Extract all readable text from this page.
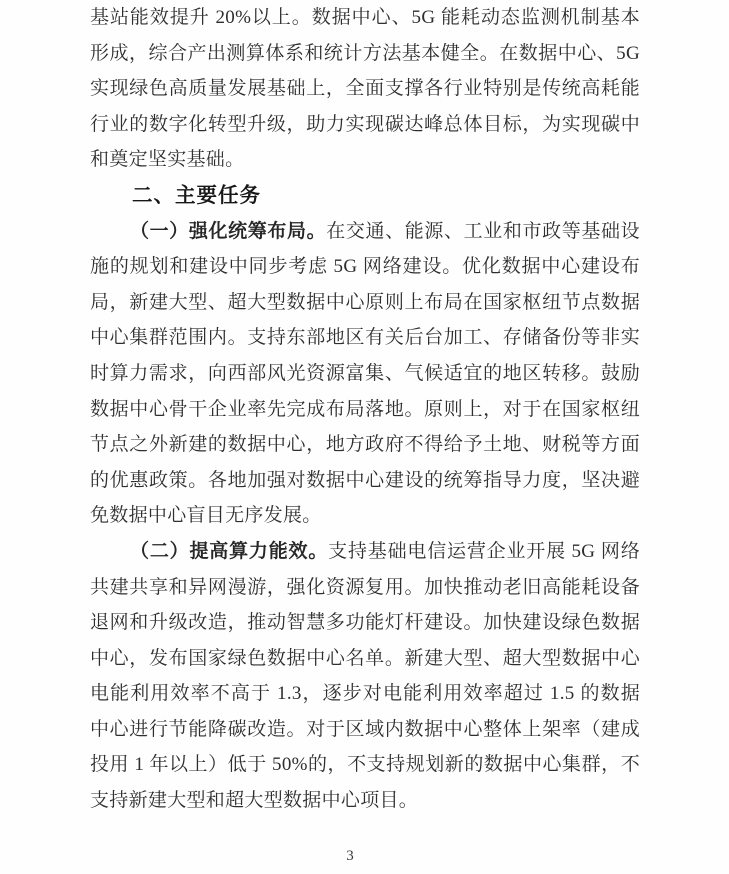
基站能效提升 20%以上。数据中心、5G 能耗动态监测机制基本
形成，综合产出测算体系和统计方法基本健全。在数据中心、5G
实现绿色高质量发展基础上，全面支撑各行业特别是传统高耗能
行业的数字化转型升级，助力实现碳达峰总体目标，为实现碳中
和奠定坚实基础。
二、主要任务
（一）强化统筹布局。在交通、能源、工业和市政等基础设
施的规划和建设中同步考虑 5G 网络建设。优化数据中心建设布
局，新建大型、超大型数据中心原则上布局在国家枢纽节点数据
中心集群范围内。支持东部地区有关后台加工、存储备份等非实
时算力需求，向西部风光资源富集、气候适宜的地区转移。鼓励
数据中心骨干企业率先完成布局落地。原则上，对于在国家枢纽
节点之外新建的数据中心，地方政府不得给予土地、财税等方面
的优惠政策。各地加强对数据中心建设的统筹指导力度，坚决避
免数据中心盲目无序发展。
（二）提高算力能效。支持基础电信运营企业开展 5G 网络
共建共享和异网漫游，强化资源复用。加快推动老旧高能耗设备
退网和升级改造，推动智慧多功能灯杆建设。加快建设绿色数据
中心，发布国家绿色数据中心名单。新建大型、超大型数据中心
电能利用效率不高于 1.3，逐步对电能利用效率超过 1.5 的数据
中心进行节能降碳改造。对于区域内数据中心整体上架率（建成
投用 1 年以上）低于 50%的，不支持规划新的数据中心集群，不
支持新建大型和超大型数据中心项目。
3
